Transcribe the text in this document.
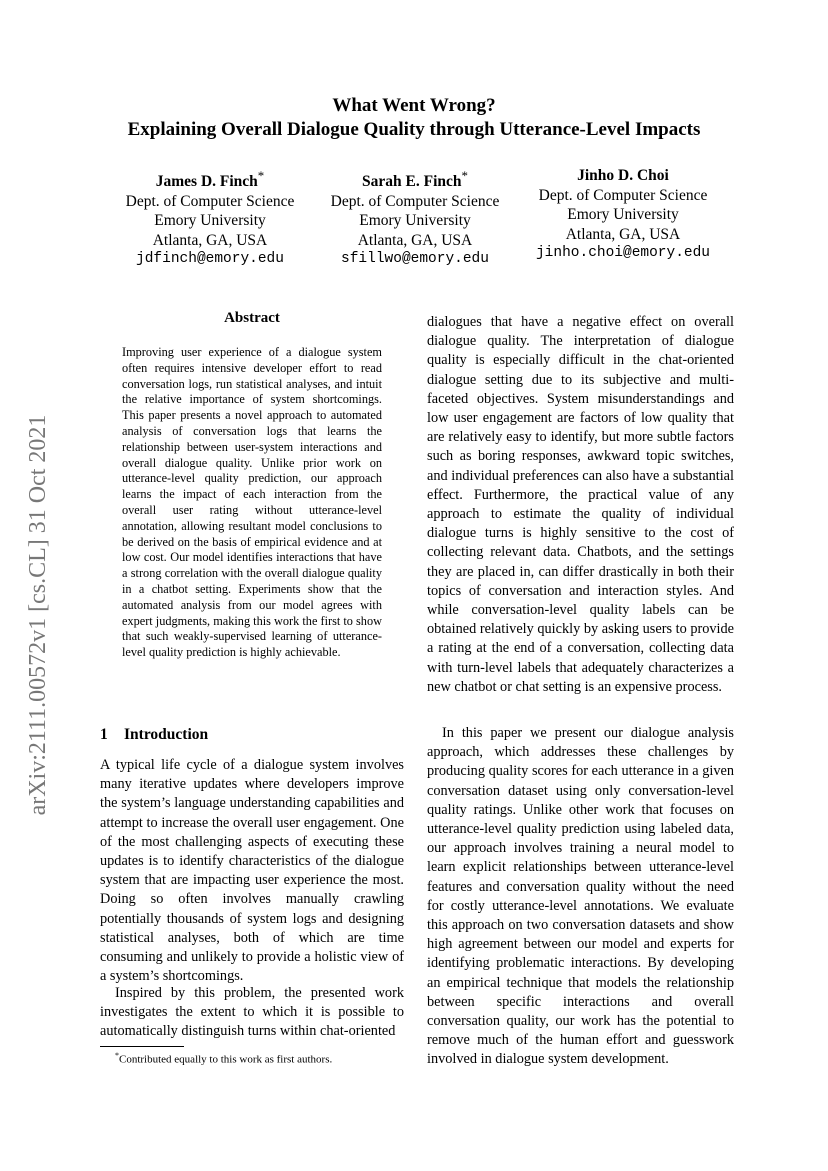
arXiv:2111.00572v1 [cs.CL] 31 Oct 2021
What Went Wrong?
Explaining Overall Dialogue Quality through Utterance-Level Impacts
James D. Finch*
Dept. of Computer Science
Emory University
Atlanta, GA, USA
jdfinch@emory.edu
Sarah E. Finch*
Dept. of Computer Science
Emory University
Atlanta, GA, USA
sfillwo@emory.edu
Jinho D. Choi
Dept. of Computer Science
Emory University
Atlanta, GA, USA
jinho.choi@emory.edu
Abstract
Improving user experience of a dialogue system often requires intensive developer effort to read conversation logs, run statistical analyses, and intuit the relative importance of system shortcomings. This paper presents a novel approach to automated analysis of conversation logs that learns the relationship between user-system interactions and overall dialogue quality. Unlike prior work on utterance-level quality prediction, our approach learns the impact of each interaction from the overall user rating without utterance-level annotation, allowing resultant model conclusions to be derived on the basis of empirical evidence and at low cost. Our model identifies interactions that have a strong correlation with the overall dialogue quality in a chatbot setting. Experiments show that the automated analysis from our model agrees with expert judgments, making this work the first to show that such weakly-supervised learning of utterance-level quality prediction is highly achievable.
1 Introduction

A typical life cycle of a dialogue system involves many iterative updates where developers improve the system’s language understanding capabilities and attempt to increase the overall user engagement. One of the most challenging aspects of executing these updates is to identify characteristics of the dialogue system that are impacting user experience the most. Doing so often involves manually crawling potentially thousands of system logs and designing statistical analyses, both of which are time consuming and unlikely to provide a holistic view of a system’s shortcomings.

Inspired by this problem, the presented work investigates the extent to which it is possible to automatically distinguish turns within chat-oriented

dialogues that have a negative effect on overall dialogue quality. The interpretation of dialogue quality is especially difficult in the chat-oriented dialogue setting due to its subjective and multi-faceted objectives. System misunderstandings and low user engagement are factors of low quality that are relatively easy to identify, but more subtle factors such as boring responses, awkward topic switches, and individual preferences can also have a substantial effect. Furthermore, the practical value of any approach to estimate the quality of individual dialogue turns is highly sensitive to the cost of collecting relevant data. Chatbots, and the settings they are placed in, can differ drastically in both their topics of conversation and interaction styles. And while conversation-level quality labels can be obtained relatively quickly by asking users to provide a rating at the end of a conversation, collecting data with turn-level labels that adequately characterizes a new chatbot or chat setting is an expensive process.

In this paper we present our dialogue analysis approach, which addresses these challenges by producing quality scores for each utterance in a given conversation dataset using only conversation-level quality ratings. Unlike other work that focuses on utterance-level quality prediction using labeled data, our approach involves training a neural model to learn explicit relationships between utterance-level features and conversation quality without the need for costly utterance-level annotations. We evaluate this approach on two conversation datasets and show high agreement between our model and experts for identifying problematic interactions. By developing an empirical technique that models the relationship between specific interactions and overall conversation quality, our work has the potential to remove much of the human effort and guesswork involved in dialogue system development.

*Contributed equally to this work as first authors.
